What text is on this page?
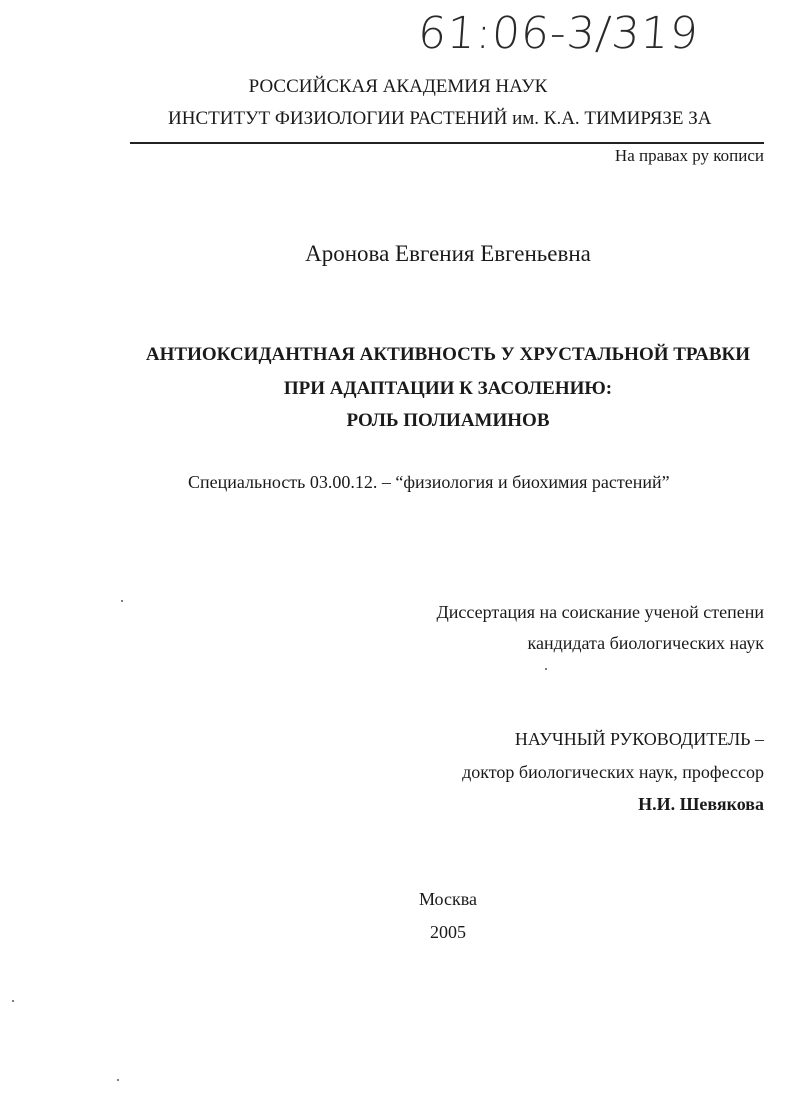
61:06-3/319
РОССИЙСКАЯ АКАДЕМИЯ НАУК
ИНСТИТУТ ФИЗИОЛОГИИ РАСТЕНИЙ им. К.А. ТИМИРЯЗЕ ЗА
На правах ру кописи
Аронова Евгения Евгеньевна
АНТИОКСИДАНТНАЯ АКТИВНОСТЬ У ХРУСТАЛЬНОЙ ТРАВКИ
ПРИ АДАПТАЦИИ К ЗАСОЛЕНИЮ:
РОЛЬ ПОЛИАМИНОВ
Специальность 03.00.12. – “физиология и биохимия растений”
Диссертация на соискание ученой степени
кандидата биологических наук
НАУЧНЫЙ РУКОВОДИТЕЛЬ –
доктор биологических наук, профессор
Н.И. Шевякова
Москва
2005
